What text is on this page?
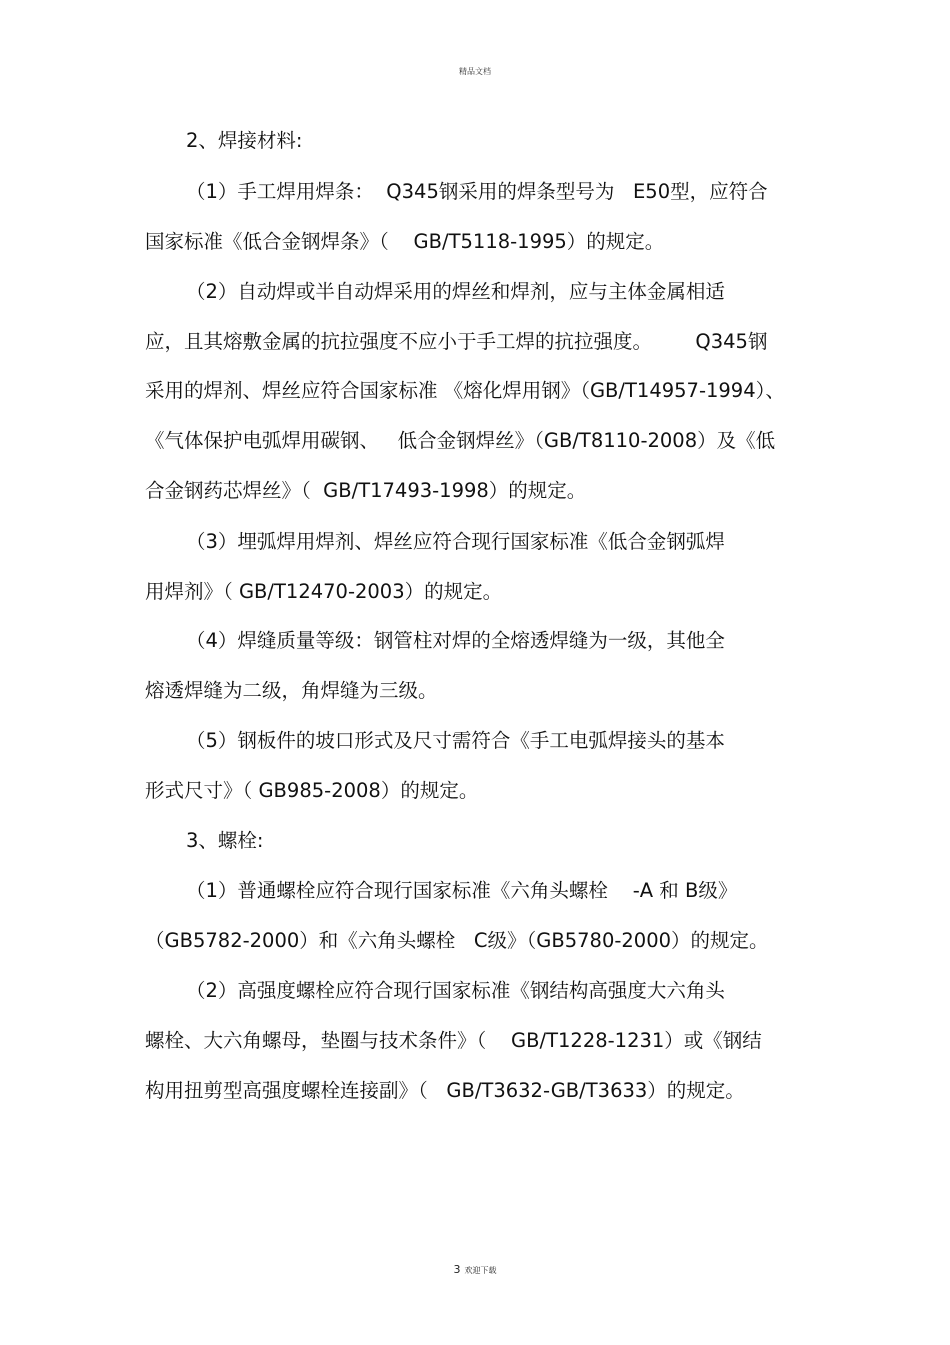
精品文档
2、焊接材料:
（1）手工焊用焊条：  Q345钢采用的焊条型号为   E50型，应符合
国家标准《低合金钢焊条》（    GB/T5118-1995）的规定。
（2）自动焊或半自动焊采用的焊丝和焊剂，应与主体金属相适
应，且其熔敷金属的抗拉强度不应小于手工焊的抗拉强度。       Q345钢
采用的焊剂、焊丝应符合国家标准 《熔化焊用钢》（GB/T14957-1994）、
《气体保护电弧焊用碳钢、   低合金钢焊丝》（GB/T8110-2008）及《低
合金钢药芯焊丝》（  GB/T17493-1998）的规定。
（3）埋弧焊用焊剂、焊丝应符合现行国家标准《低合金钢弧焊
用焊剂》（ GB/T12470-2003）的规定。
（4）焊缝质量等级：钢管柱对焊的全熔透焊缝为一级，其他全
熔透焊缝为二级，角焊缝为三级。
（5）钢板件的坡口形式及尺寸需符合《手工电弧焊接头的基本
形式尺寸》（ GB985-2008）的规定。
3、螺栓:
（1）普通螺栓应符合现行国家标准《六角头螺栓    -A 和 B级》
（GB5782-2000）和《六角头螺栓   C级》（GB5780-2000）的规定。
（2）高强度螺栓应符合现行国家标准《钢结构高强度大六角头
螺栓、大六角螺母，垫圈与技术条件》（    GB/T1228-1231）或《钢结
构用扭剪型高强度螺栓连接副》（   GB/T3632-GB/T3633）的规定。
3 欢迎下载
